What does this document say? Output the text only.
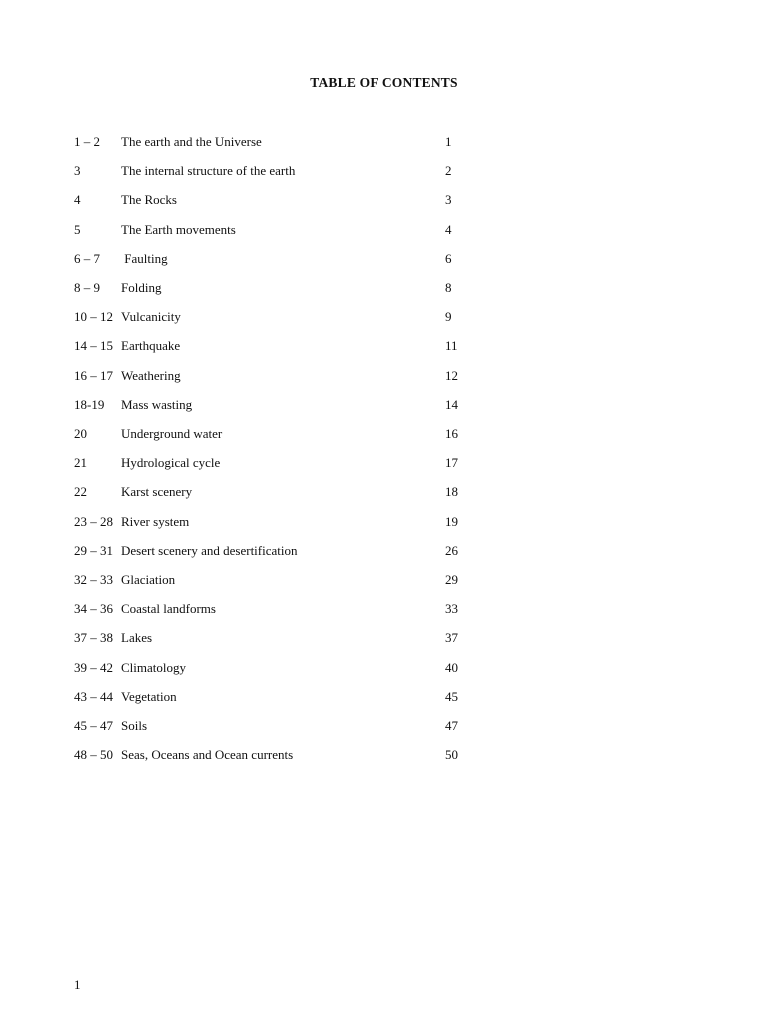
TABLE OF CONTENTS
1 – 2 The earth and the Universe	1
3	The internal structure of the earth	2
4	The Rocks	3
5	The Earth movements	4
6 – 7 Faulting	6
8 – 9 Folding	8
10 – 12 Vulcanicity	9
14 – 15 Earthquake	11
16 – 17 Weathering	12
18-19 Mass wasting	14
20	Underground water	16
21	Hydrological cycle	17
22	Karst scenery	18
23 – 28 River system	19
29 – 31 Desert scenery and desertification	26
32 – 33 Glaciation	29
34 – 36 Coastal landforms	33
37 – 38 Lakes	37
39 – 42 Climatology	40
43 – 44 Vegetation	45
45 – 47 Soils	47
48 – 50 Seas, Oceans and Ocean currents	50
1
